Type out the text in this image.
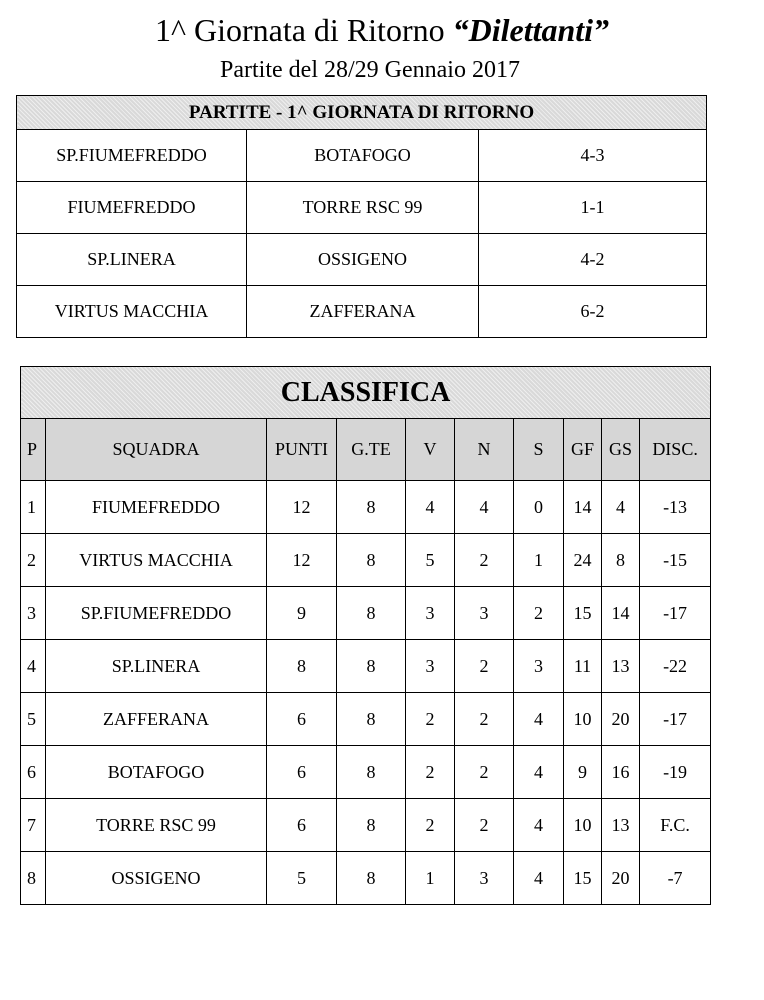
1^ Giornata di Ritorno “Dilettanti”
Partite del 28/29 Gennaio 2017
PARTITE - 1^ GIORNATA DI RITORNO		
SP.FIUMEFREDDO	BOTAFOGO	4-3
FIUMEFREDDO	TORRE RSC 99	1-1
SP.LINERA	OSSIGENO	4-2
VIRTUS MACCHIA	ZAFFERANA	6-2
CLASSIFICA									
P	SQUADRA	PUNTI	G.TE	V	N	S	GF	GS	DISC.
1	FIUMEFREDDO	12	8	4	4	0	14	4	-13
2	VIRTUS MACCHIA	12	8	5	2	1	24	8	-15
3	SP.FIUMEFREDDO	9	8	3	3	2	15	14	-17
4	SP.LINERA	8	8	3	2	3	11	13	-22
5	ZAFFERANA	6	8	2	2	4	10	20	-17
6	BOTAFOGO	6	8	2	2	4	9	16	-19
7	TORRE RSC 99	6	8	2	2	4	10	13	F.C.
8	OSSIGENO	5	8	1	3	4	15	20	-7
